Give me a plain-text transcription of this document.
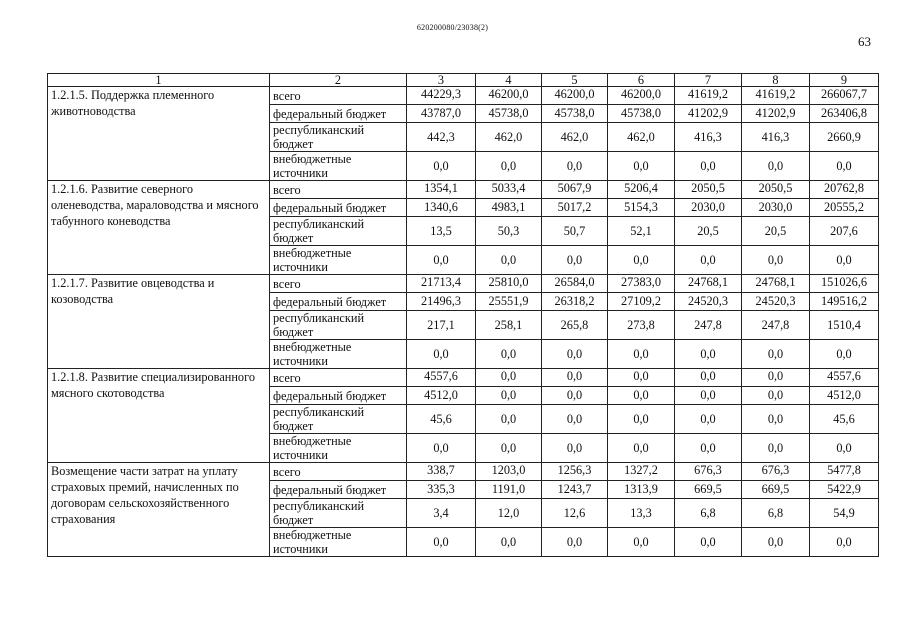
620200080/23038(2)
63
1	2	3	4	5	6	7	8	9
1.2.1.5. Поддержка племенного животноводства	всего	44229,3	46200,0	46200,0	46200,0	41619,2	41619,2	266067,7
	федеральный бюджет	43787,0	45738,0	45738,0	45738,0	41202,9	41202,9	263406,8
	республиканский бюджет	442,3	462,0	462,0	462,0	416,3	416,3	2660,9
	внебюджетные источники	0,0	0,0	0,0	0,0	0,0	0,0	0,0
1.2.1.6. Развитие северного оленеводства, мараловодства и мясного табунного коневодства	всего	1354,1	5033,4	5067,9	5206,4	2050,5	2050,5	20762,8
	федеральный бюджет	1340,6	4983,1	5017,2	5154,3	2030,0	2030,0	20555,2
	республиканский бюджет	13,5	50,3	50,7	52,1	20,5	20,5	207,6
	внебюджетные источники	0,0	0,0	0,0	0,0	0,0	0,0	0,0
1.2.1.7. Развитие овцеводства и козоводства	всего	21713,4	25810,0	26584,0	27383,0	24768,1	24768,1	151026,6
	федеральный бюджет	21496,3	25551,9	26318,2	27109,2	24520,3	24520,3	149516,2
	республиканский бюджет	217,1	258,1	265,8	273,8	247,8	247,8	1510,4
	внебюджетные источники	0,0	0,0	0,0	0,0	0,0	0,0	0,0
1.2.1.8. Развитие специализированного мясного скотоводства	всего	4557,6	0,0	0,0	0,0	0,0	0,0	4557,6
	федеральный бюджет	4512,0	0,0	0,0	0,0	0,0	0,0	4512,0
	республиканский бюджет	45,6	0,0	0,0	0,0	0,0	0,0	45,6
	внебюджетные источники	0,0	0,0	0,0	0,0	0,0	0,0	0,0
Возмещение части затрат на уплату страховых премий, начисленных по договорам сельскохозяйственного страхования	всего	338,7	1203,0	1256,3	1327,2	676,3	676,3	5477,8
	федеральный бюджет	335,3	1191,0	1243,7	1313,9	669,5	669,5	5422,9
	республиканский бюджет	3,4	12,0	12,6	13,3	6,8	6,8	54,9
	внебюджетные источники	0,0	0,0	0,0	0,0	0,0	0,0	0,0
